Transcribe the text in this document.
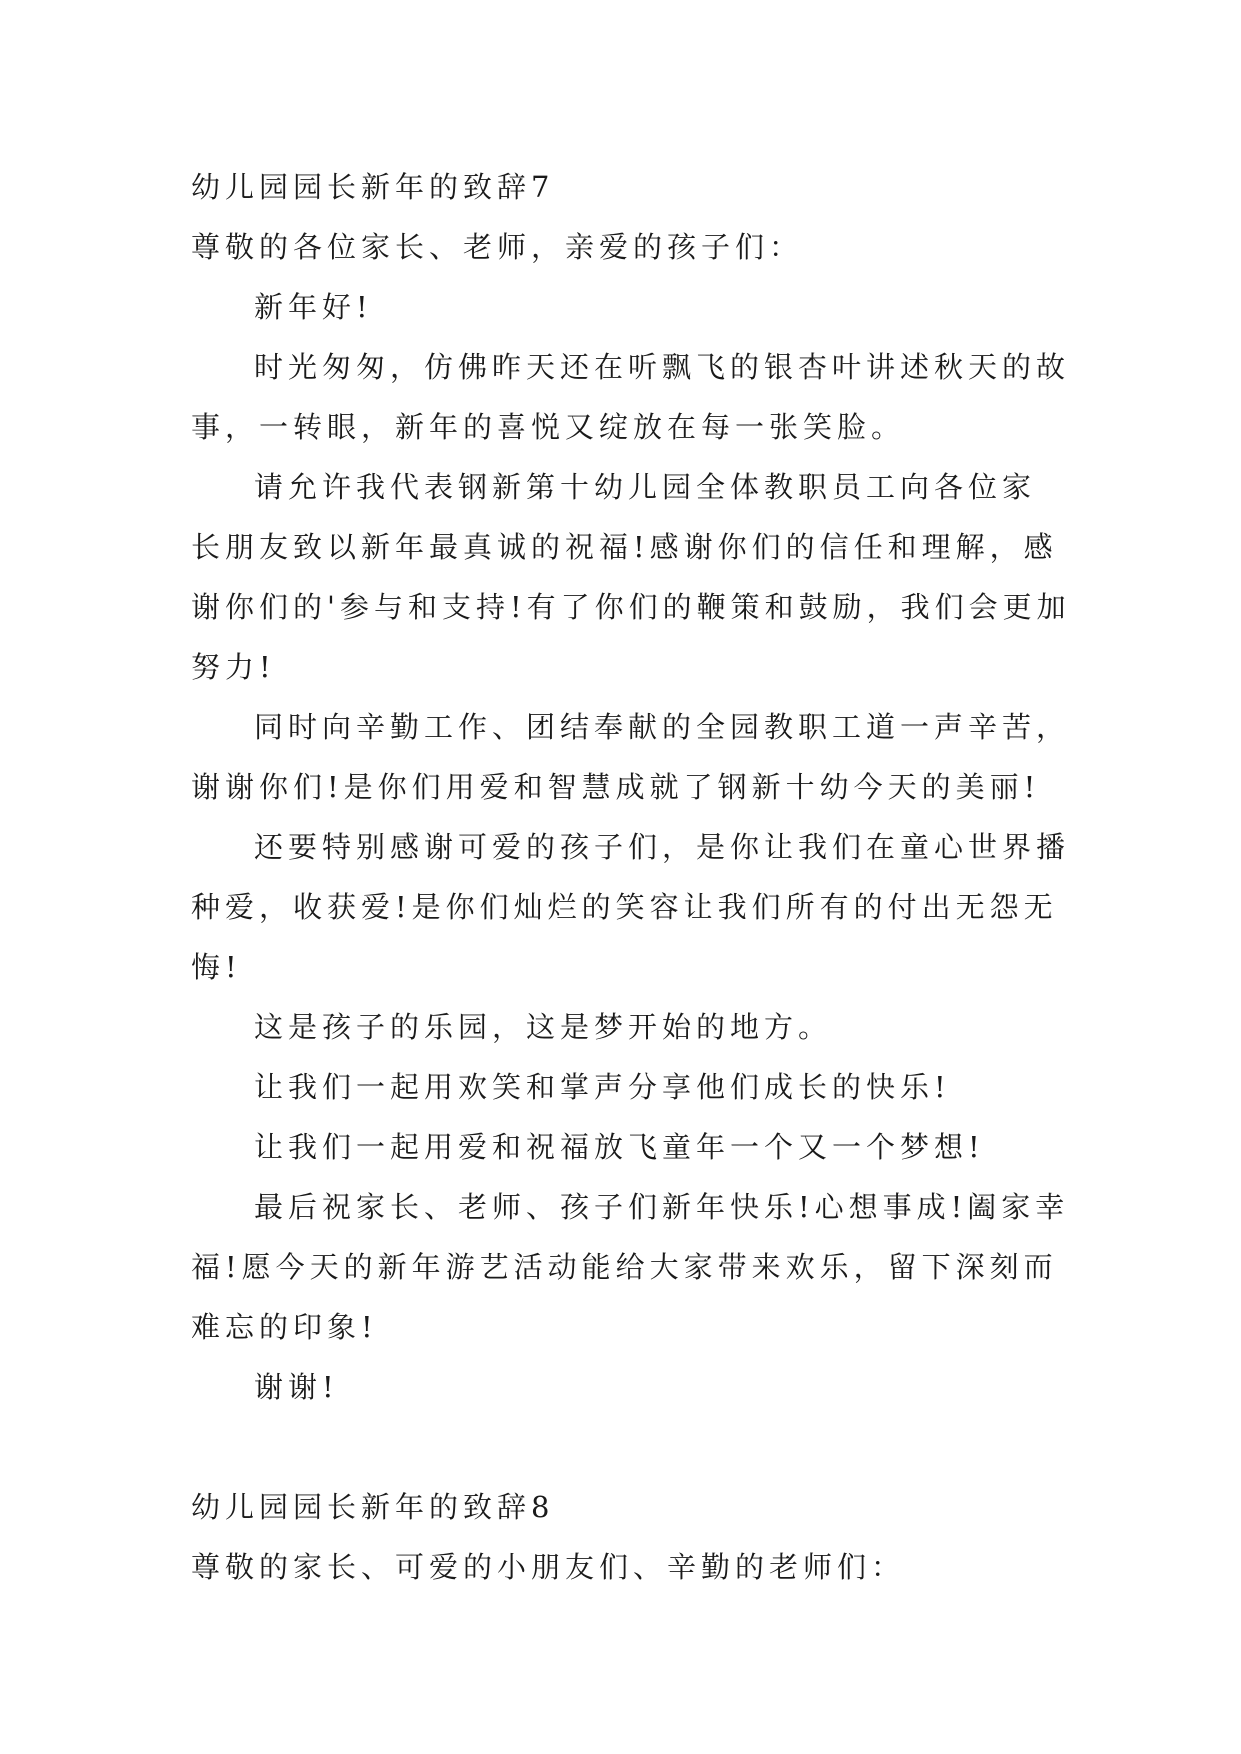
幼儿园园长新年的致辞7
尊敬的各位家长、老师，亲爱的孩子们：
新年好!
时光匆匆，仿佛昨天还在听飘飞的银杏叶讲述秋天的故
事，一转眼，新年的喜悦又绽放在每一张笑脸。
请允许我代表钢新第十幼儿园全体教职员工向各位家
长朋友致以新年最真诚的祝福!感谢你们的信任和理解，感
谢你们的'参与和支持!有了你们的鞭策和鼓励，我们会更加
努力!
同时向辛勤工作、团结奉献的全园教职工道一声辛苦，
谢谢你们!是你们用爱和智慧成就了钢新十幼今天的美丽!
还要特别感谢可爱的孩子们，是你让我们在童心世界播
种爱，收获爱!是你们灿烂的笑容让我们所有的付出无怨无
悔!
这是孩子的乐园，这是梦开始的地方。
让我们一起用欢笑和掌声分享他们成长的快乐!
让我们一起用爱和祝福放飞童年一个又一个梦想!
最后祝家长、老师、孩子们新年快乐!心想事成!阖家幸
福!愿今天的新年游艺活动能给大家带来欢乐，留下深刻而
难忘的印象!
谢谢!
幼儿园园长新年的致辞8
尊敬的家长、可爱的小朋友们、辛勤的老师们：
